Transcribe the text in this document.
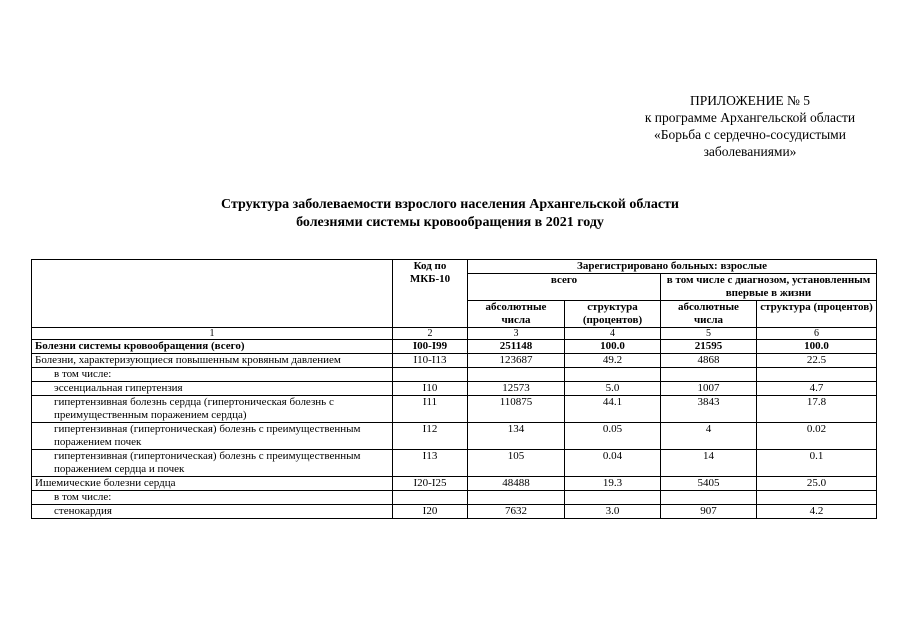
ПРИЛОЖЕНИЕ № 5
к программе Архангельской области
«Борьба с сердечно-сосудистыми
заболеваниями»
Структура заболеваемости взрослого населения Архангельской области
болезнями системы кровообращения в 2021 году
	Код по МКБ-10	Зарегистрировано больных: взрослые			
		всего		в том числе с диагнозом, установленным впервые в жизни	
		абсолютные числа	структура (процентов)	абсолютные числа	структура (процентов)
1	2	3	4	5	6
Болезни системы кровообращения (всего)	I00-I99	251148	100.0	21595	100.0
Болезни, характеризующиеся повышенным кровяным давлением	I10-I13	123687	49.2	4868	22.5
в том числе:					
эссенциальная гипертензия	I10	12573	5.0	1007	4.7
гипертензивная болезнь сердца (гипертоническая болезнь с преимущественным поражением сердца)	I11	110875	44.1	3843	17.8
гипертензивная (гипертоническая) болезнь с преимущественным поражением почек	I12	134	0.05	4	0.02
гипертензивная (гипертоническая) болезнь с преимущественным поражением сердца и почек	I13	105	0.04	14	0.1
Ишемические болезни сердца	I20-I25	48488	19.3	5405	25.0
в том числе:					
стенокардия	I20	7632	3.0	907	4.2
